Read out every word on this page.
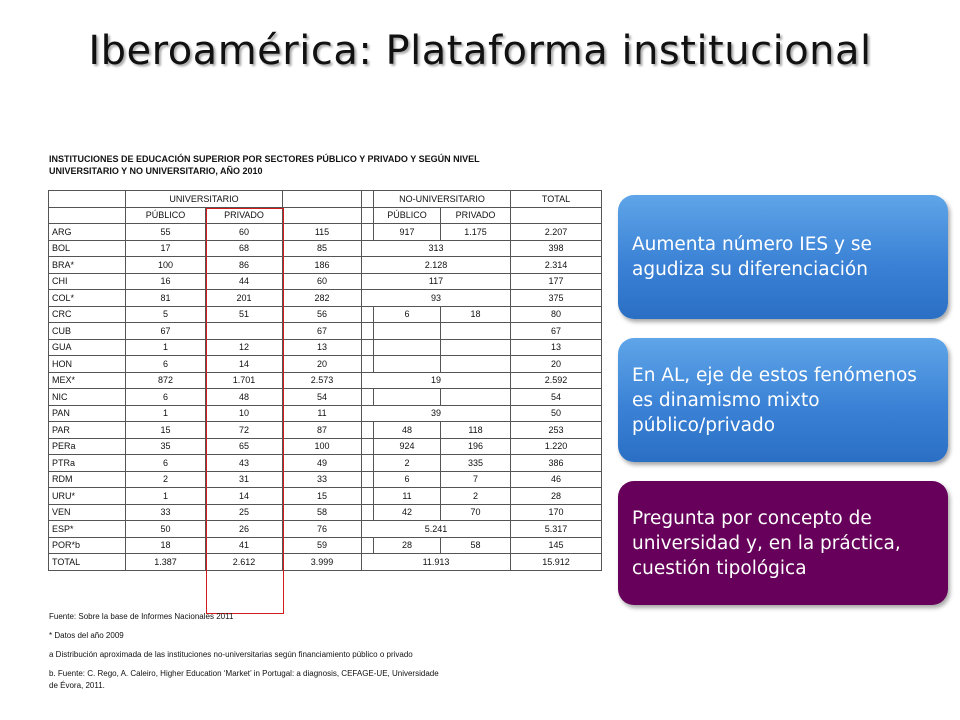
Iberoamérica: Plataforma institucional
INSTITUCIONES DE EDUCACIÓN SUPERIOR POR SECTORES PÚBLICO Y PRIVADO Y SEGÚN NIVEL
UNIVERSITARIO Y NO UNIVERSITARIO, AÑO 2010
	UNIVERSITARIO				NO-UNIVERSITARIO		TOTAL
	PÚBLICO	PRIVADO			PÚBLICO	PRIVADO	
ARG	55	60	115		917	1.175	2.207
BOL	17	68	85	313			398
BRA*	100	86	186	2.128			2.314
CHI	16	44	60	117			177
COL*	81	201	282	93			375
CRC	5	51	56		6	18	80
CUB	67		67				67
GUA	1	12	13				13
HON	6	14	20				20
MEX*	872	1.701	2.573	19			2.592
NIC	6	48	54				54
PAN	1	10	11	39			50
PAR	15	72	87		48	118	253
PERa	35	65	100		924	196	1.220
PTRa	6	43	49		2	335	386
RDM	2	31	33		6	7	46
URU*	1	14	15		11	2	28
VEN	33	25	58		42	70	170
ESP*	50	26	76	5.241			5.317
POR*b	18	41	59		28	58	145
TOTAL	1.387	2.612	3.999	11.913			15.912

Fuente: Sobre la base de Informes Nacionales 2011

* Datos del año 2009

a Distribución aproximada de las instituciones no-universitarias según financiamiento público o privado

b. Fuente: C. Rego, A. Caleiro, Higher Education ‘Market’ in Portugal: a diagnosis, CEFAGE-UE, Universidade

de Évora, 2011.

Aumenta número IES y se agudiza su diferenciación
En AL, eje de estos fenómenos es dinamismo mixto público/privado
Pregunta por concepto de universidad y, en la práctica, cuestión tipológica
